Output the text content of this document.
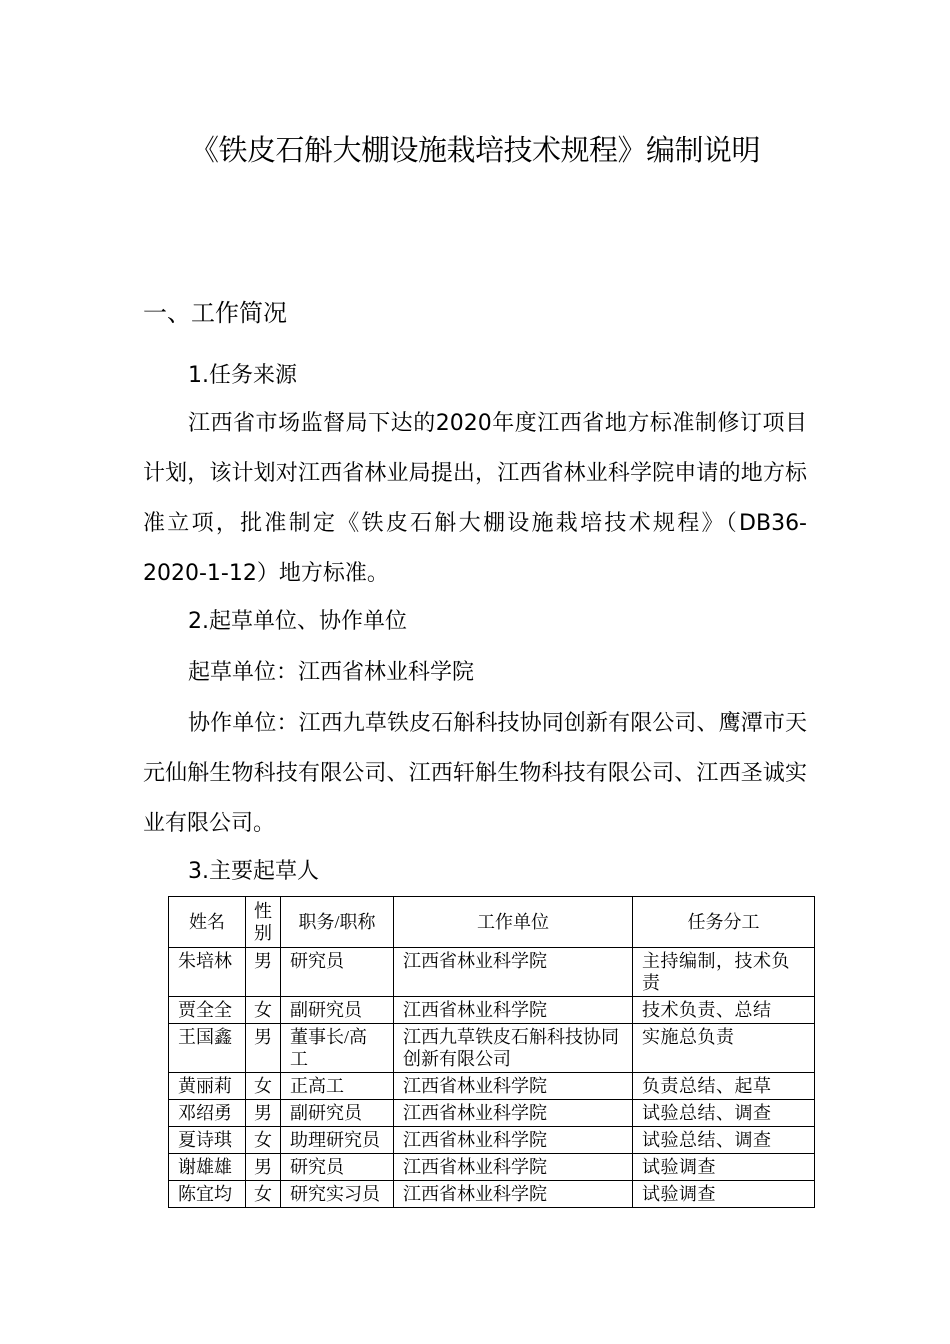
《铁皮石斛大棚设施栽培技术规程》编制说明
一、工作简况
1.任务来源

江西省市场监督局下达的2020年度江西省地方标准制修订项目计划，该计划对江西省林业局提出，江西省林业科学院申请的地方标准立项，批准制定《铁皮石斛大棚设施栽培技术规程》（DB36-2020-1-12）地方标准。

2.起草单位、协作单位

起草单位：江西省林业科学院

协作单位：江西九草铁皮石斛科技协同创新有限公司、鹰潭市天元仙斛生物科技有限公司、江西轩斛生物科技有限公司、江西圣诚实业有限公司。

3.主要起草人
姓名	性别	职务/职称	工作单位	任务分工
朱培林	男	研究员	江西省林业科学院	主持编制，技术负责
贾全全	女	副研究员	江西省林业科学院	技术负责、总结
王国鑫	男	董事长/高工	江西九草铁皮石斛科技协同创新有限公司	实施总负责
黄丽莉	女	正高工	江西省林业科学院	负责总结、起草
邓绍勇	男	副研究员	江西省林业科学院	试验总结、调查
夏诗琪	女	助理研究员	江西省林业科学院	试验总结、调查
谢雄雄	男	研究员	江西省林业科学院	试验调查
陈宜均	女	研究实习员	江西省林业科学院	试验调查
